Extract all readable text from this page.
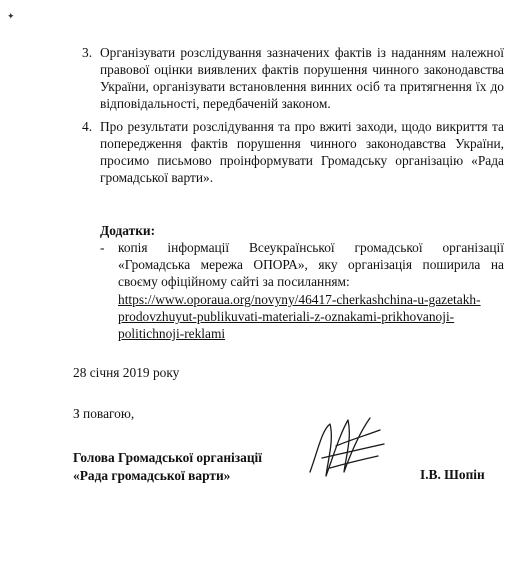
✦
3. Організувати розслідування зазначених фактів із наданням належної правової оцінки виявлених фактів порушення чинного законодавства України, організувати встановлення винних осіб та притягнення їх до відповідальності, передбаченій законом.
4. Про результати розслідування та про вжиті заходи, щодо викриття та попередження фактів порушення чинного законодавства України, просимо письмово проінформувати Громадську організацію «Рада громадської варти».
Додатки:
- копія інформації Всеукраїнської громадської організації «Громадська мережа ОПОРА», яку організація поширила на своєму офіційному сайті за посиланням:
https://www.oporaua.org/novyny/46417-cherkashchina-u-gazetakh-prodovzhuyut-publikuvati-materiali-z-oznakami-prikhovanoji-politichnoji-reklami
28 січня 2019 року
З повагою,
Голова Громадської організації
«Рада громадської варти»	І.В. Шопін
